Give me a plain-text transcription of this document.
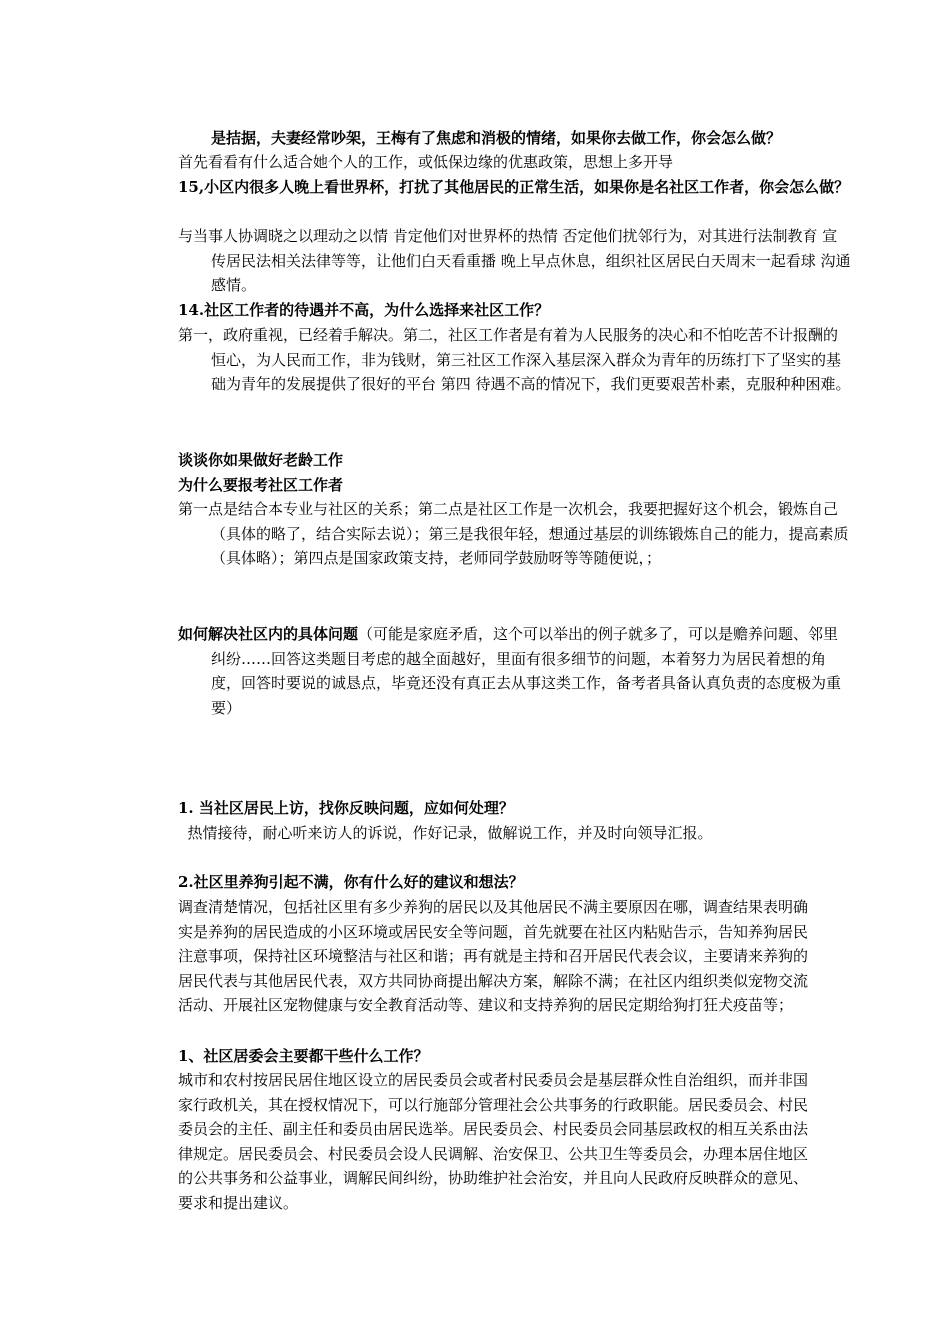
是拮据，夫妻经常吵架，王梅有了焦虑和消极的情绪，如果你去做工作，你会怎么做？
首先看看有什么适合她个人的工作，或低保边缘的优惠政策，思想上多开导
15,小区内很多人晚上看世界杯，打扰了其他居民的正常生活，如果你是名社区工作者，你会怎么做？
与当事人协调晓之以理动之以情 肯定他们对世界杯的热情 否定他们扰邻行为，对其进行法制教育 宣传居民法相关法律等等，让他们白天看重播 晚上早点休息，组织社区居民白天周末一起看球 沟通感情。
14.社区工作者的待遇并不高，为什么选择来社区工作？
第一，政府重视，已经着手解决。第二，社区工作者是有着为人民服务的决心和不怕吃苦不计报酬的恒心，为人民而工作，非为钱财，第三社区工作深入基层深入群众为青年的历练打下了坚实的基础为青年的发展提供了很好的平台 第四 待遇不高的情况下，我们更要艰苦朴素，克服种种困难。
谈谈你如果做好老龄工作
为什么要报考社区工作者
第一点是结合本专业与社区的关系；第二点是社区工作是一次机会，我要把握好这个机会，锻炼自己（具体的略了，结合实际去说）；第三是我很年轻，想通过基层的训练锻炼自己的能力，提高素质（具体略）；第四点是国家政策支持，老师同学鼓励呀等等随便说，；
如何解决社区内的具体问题（可能是家庭矛盾，这个可以举出的例子就多了，可以是赡养问题、邻里纠纷……回答这类题目考虑的越全面越好，里面有很多细节的问题，本着努力为居民着想的角度，回答时要说的诚恳点，毕竟还没有真正去从事这类工作，备考者具备认真负责的态度极为重要）
1. 当社区居民上访，找你反映问题，应如何处理？
热情接待，耐心听来访人的诉说，作好记录，做解说工作，并及时向领导汇报。
2.社区里养狗引起不满，你有什么好的建议和想法？
调查清楚情况，包括社区里有多少养狗的居民以及其他居民不满主要原因在哪，调查结果表明确实是养狗的居民造成的小区环境或居民安全等问题，首先就要在社区内粘贴告示，告知养狗居民注意事项，保持社区环境整洁与社区和谐；再有就是主持和召开居民代表会议，主要请来养狗的居民代表与其他居民代表，双方共同协商提出解决方案，解除不满；在社区内组织类似宠物交流活动、开展社区宠物健康与安全教育活动等、建议和支持养狗的居民定期给狗打狂犬疫苗等；
1、社区居委会主要都干些什么工作？
城市和农村按居民居住地区设立的居民委员会或者村民委员会是基层群众性自治组织，而并非国家行政机关，其在授权情况下，可以行施部分管理社会公共事务的行政职能。居民委员会、村民委员会的主任、副主任和委员由居民选举。居民委员会、村民委员会同基层政权的相互关系由法律规定。居民委员会、村民委员会设人民调解、治安保卫、公共卫生等委员会，办理本居住地区的公共事务和公益事业，调解民间纠纷，协助维护社会治安，并且向人民政府反映群众的意见、要求和提出建议。
